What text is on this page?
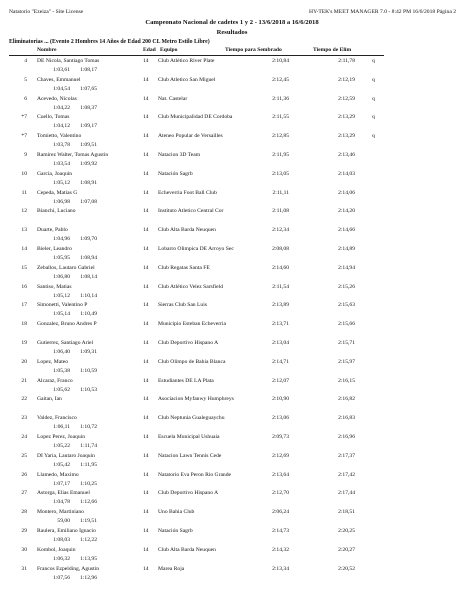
Natatorio "Ezeiza" - Site License	HY-TEK's MEET MANAGER 7.0 - 8:42 PM 16/6/2018 Página 2
Campeonato Nacional de cadetes 1 y 2 - 13/6/2018 a 16/6/2018
Resultados
Eliminatorias ... (Evento 2 Hombres 14 Años de Edad 200 CL Metro Estilo Libre)
Nombre	Edad Equipo	Tiempo para Sembrado	Tiempo de Elim
4 DE Nicola, Santiago Tomas	14 Club Atlético River Plate	2:10,84	2:11,78	q
1:03,61	1:08,17
5 Chaves, Emmanuel	14 Club Atletico San Miguel	2:12,45	2:12,19	q
1:04,54	1:07,65
6 Acevedo, Nicolas	14 Nat. Castelar	2:11,36	2:12,59	q
1:04,22	1:08,37
*7 Cuello, Tomas	14 Club Municipalidad DE Cordoba	2:11,55	2:13,29	q
1:04,12	1:09,17
*7 Tomietto, Valentino	14 Ateneo Popular de Versailles	2:12,85	2:13,29	q
1:03,78	1:09,51
9 Ramirez Walter, Tomas Agustin	14 Natacion 3D Team	2:11,95	2:13,46
1:03,54	1:09,92
10 Garcia, Joaquin	14 Natación Sagrb	2:13,05	2:14,03
1:05,12	1:08,91
11 Cepeda, Matias G	14 Echeverria Foot Ball Club	2:11,11	2:14,06
1:06,98	1:07,08
12 Bianchi, Luciano	14 Instituto Atletico Central Cor	2:11,08	2:14,20
13 Duarte, Pablo	14 Club Alta Barda Neuquen	2:12,34	2:14,66
1:04,96	1:09,70
14 Bieler, Leandro	14 Lobarro Olimpica DE Arroyo Sec	2:08,08	2:14,89
1:05,95	1:08,94
15 Zeballos, Lautaro Gabriel	14 Club Regatas Santa FE	2:14,60	2:14,94
1:06,80	1:08,14
16 Santiso, Matias	14 Club Atlético Velez Sarsfield	2:11,54	2:15,26
1:05,12	1:10,14
17 Simonetti, Valentino P	14 Sierras Club San Luis	2:13,89	2:15,63
1:05,14	1:10,49
18 Gonzalez, Bruno Andres P	14 Municipio Esteban Echeverria	2:13,71	2:15,66
19 Gutierrez, Santiago Ariel	14 Club Deportivo Hispano A	2:13,04	2:15,71
1:06,40	1:09,31
20 Lopez, Mateo	14 Club Olimpo de Bahia Blanca	2:14,71	2:15,97
1:05,38	1:10,59
21 Alcaraz, Franco	14 Estudiantes DE LA Plata	2:12,07	2:16,15
1:05,62	1:10,53
22 Gaitan, Ian	14 Asociacion Myfanwy Humphreys	2:10,90	2:16,82
23 Valdez, Francisco	14 Club Neptunia Gualeguaychu	2:13,06	2:16,83
1:06,11	1:10,72
24 Lopez Perez, Joaquin	14 Escuela Municipal Ushuaia	2:09,73	2:16,96
1:05,22	1:11,74
25 DI Yaria, Lautaro Joaquin	14 Natacion Lawn Tennis Cede	2:12,69	2:17,37
1:05,42	1:11,95
26 Llamedo, Maximo	14 Natatorio Eva Peron Rio Grande	2:13,64	2:17,42
1:07,17	1:10,25
27 Astorga, Elias Emanuel	14 Club Deportivo Hispano A	2:12,70	2:17,44
1:04,78	1:12,66
28 Montero, Martiniano	14 Uno Bahia Club	2:06,24	2:18,51
59,00	1:19,51
29 Raulera, Emiliano Ignacio	14 Natación Sagrb	2:14,73	2:20,25
1:08,03	1:12,22
30 Kombol, Joaquin	14 Club Alta Barda Neuquen	2:14,32	2:20,27
1:06,32	1:13,95
31 Francos Ezpelding, Agustin	14 Marea Roja	2:13,34	2:20,52
1:07,56	1:12,96
